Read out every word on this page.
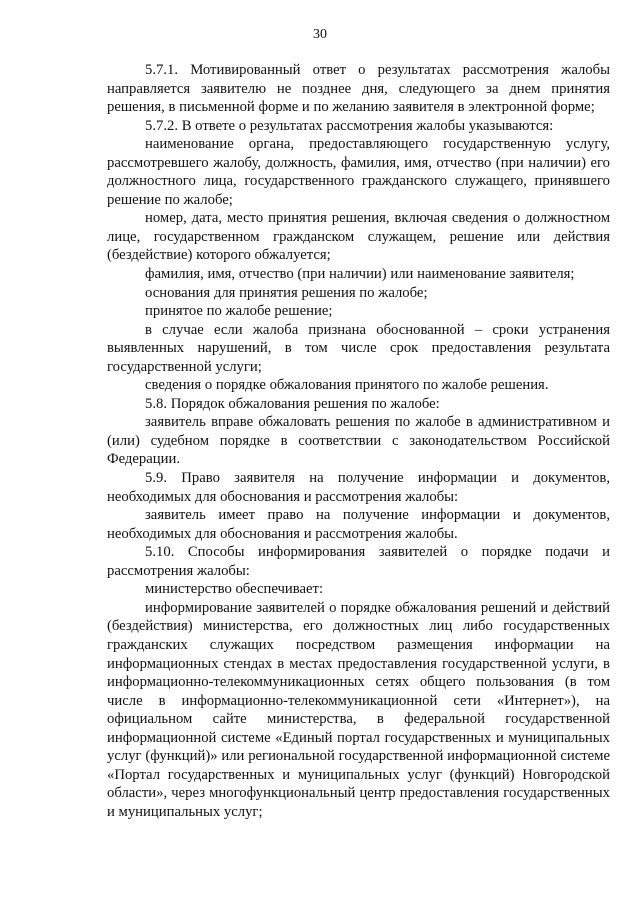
30

5.7.1. Мотивированный ответ о результатах рассмотрения жалобы направляется заявителю не позднее дня, следующего за днем принятия решения, в письменной форме и по желанию заявителя в электронной форме;

5.7.2. В ответе о результатах рассмотрения жалобы указываются:

наименование органа, предоставляющего государственную услугу, рассмотревшего жалобу, должность, фамилия, имя, отчество (при наличии) его должностного лица, государственного гражданского служащего, принявшего решение по жалобе;

номер, дата, место принятия решения, включая сведения о должностном лице, государственном гражданском служащем, решение или действия (бездействие) которого обжалуется;

фамилия, имя, отчество (при наличии) или наименование заявителя;

основания для принятия решения по жалобе;

принятое по жалобе решение;

в случае если жалоба признана обоснованной – сроки устранения выявленных нарушений, в том числе срок предоставления результата государственной услуги;

сведения о порядке обжалования принятого по жалобе решения.

5.8. Порядок обжалования решения по жалобе:

заявитель вправе обжаловать решения по жалобе в административном и (или) судебном порядке в соответствии с законодательством Российской Федерации.

5.9. Право заявителя на получение информации и документов, необходимых для обоснования и рассмотрения жалобы:

заявитель имеет право на получение информации и документов, необходимых для обоснования и рассмотрения жалобы.

5.10. Способы информирования заявителей о порядке подачи и рассмотрения жалобы:

министерство обеспечивает:

информирование заявителей о порядке обжалования решений и действий (бездействия) министерства, его должностных лиц либо государственных гражданских служащих посредством размещения информации на информационных стендах в местах предоставления государственной услуги, в информационно-телекоммуникационных сетях общего пользования (в том числе в информационно-телекоммуникационной сети «Интернет»), на официальном сайте министерства, в федеральной государственной информационной системе «Единый портал государственных и муниципальных услуг (функций)» или региональной государственной информационной системе «Портал государственных и муниципальных услуг (функций) Новгородской области», через многофункциональный центр предоставления государственных и муниципальных услуг;
